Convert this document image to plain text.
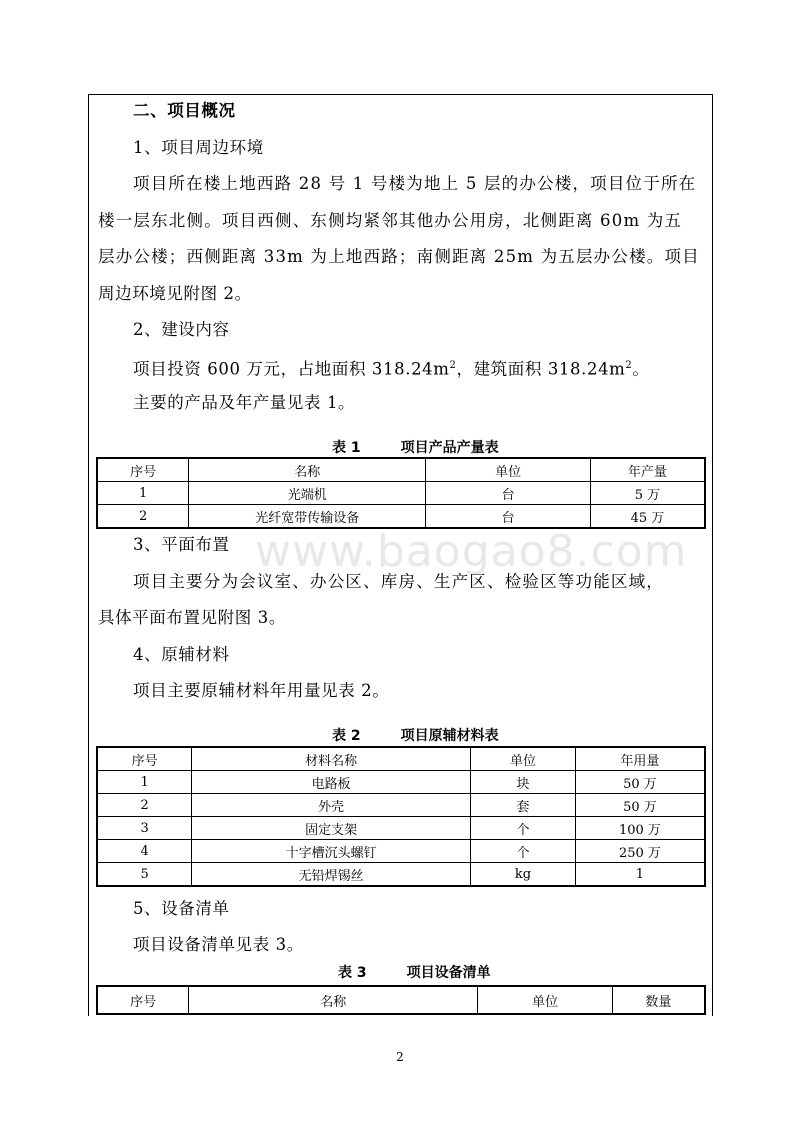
www.baogao8.com
二、项目概况
1、项目周边环境
项目所在楼上地西路 28 号 1 号楼为地上 5 层的办公楼，项目位于所在
楼一层东北侧。项目西侧、东侧均紧邻其他办公用房，北侧距离 60m 为五
层办公楼；西侧距离 33m 为上地西路；南侧距离 25m 为五层办公楼。项目
周边环境见附图 2。
2、建设内容
项目投资 600 万元，占地面积 $318.24m^2$，建筑面积 $318.24m^2$。
主要的产品及年产量见表 1。
表 1	项目产品产量表
序号	名称	单位	年产量
1	光端机	台	5 万
2	光纤宽带传输设备	台	45 万
3、平面布置
项目主要分为会议室、办公区、库房、生产区、检验区等功能区域，
具体平面布置见附图 3。
4、原辅材料
项目主要原辅材料年用量见表 2。
表 2	项目原辅材料表
序号	材料名称	单位	年用量
1	电路板	块	50 万
2	外壳	套	50 万
3	固定支架	个	100 万
4	十字槽沉头螺钉	个	250 万
5	无铅焊锡丝	kg	1
5、设备清单
项目设备清单见表 3。
表 3	项目设备清单
序号	名称	单位	数量
2
